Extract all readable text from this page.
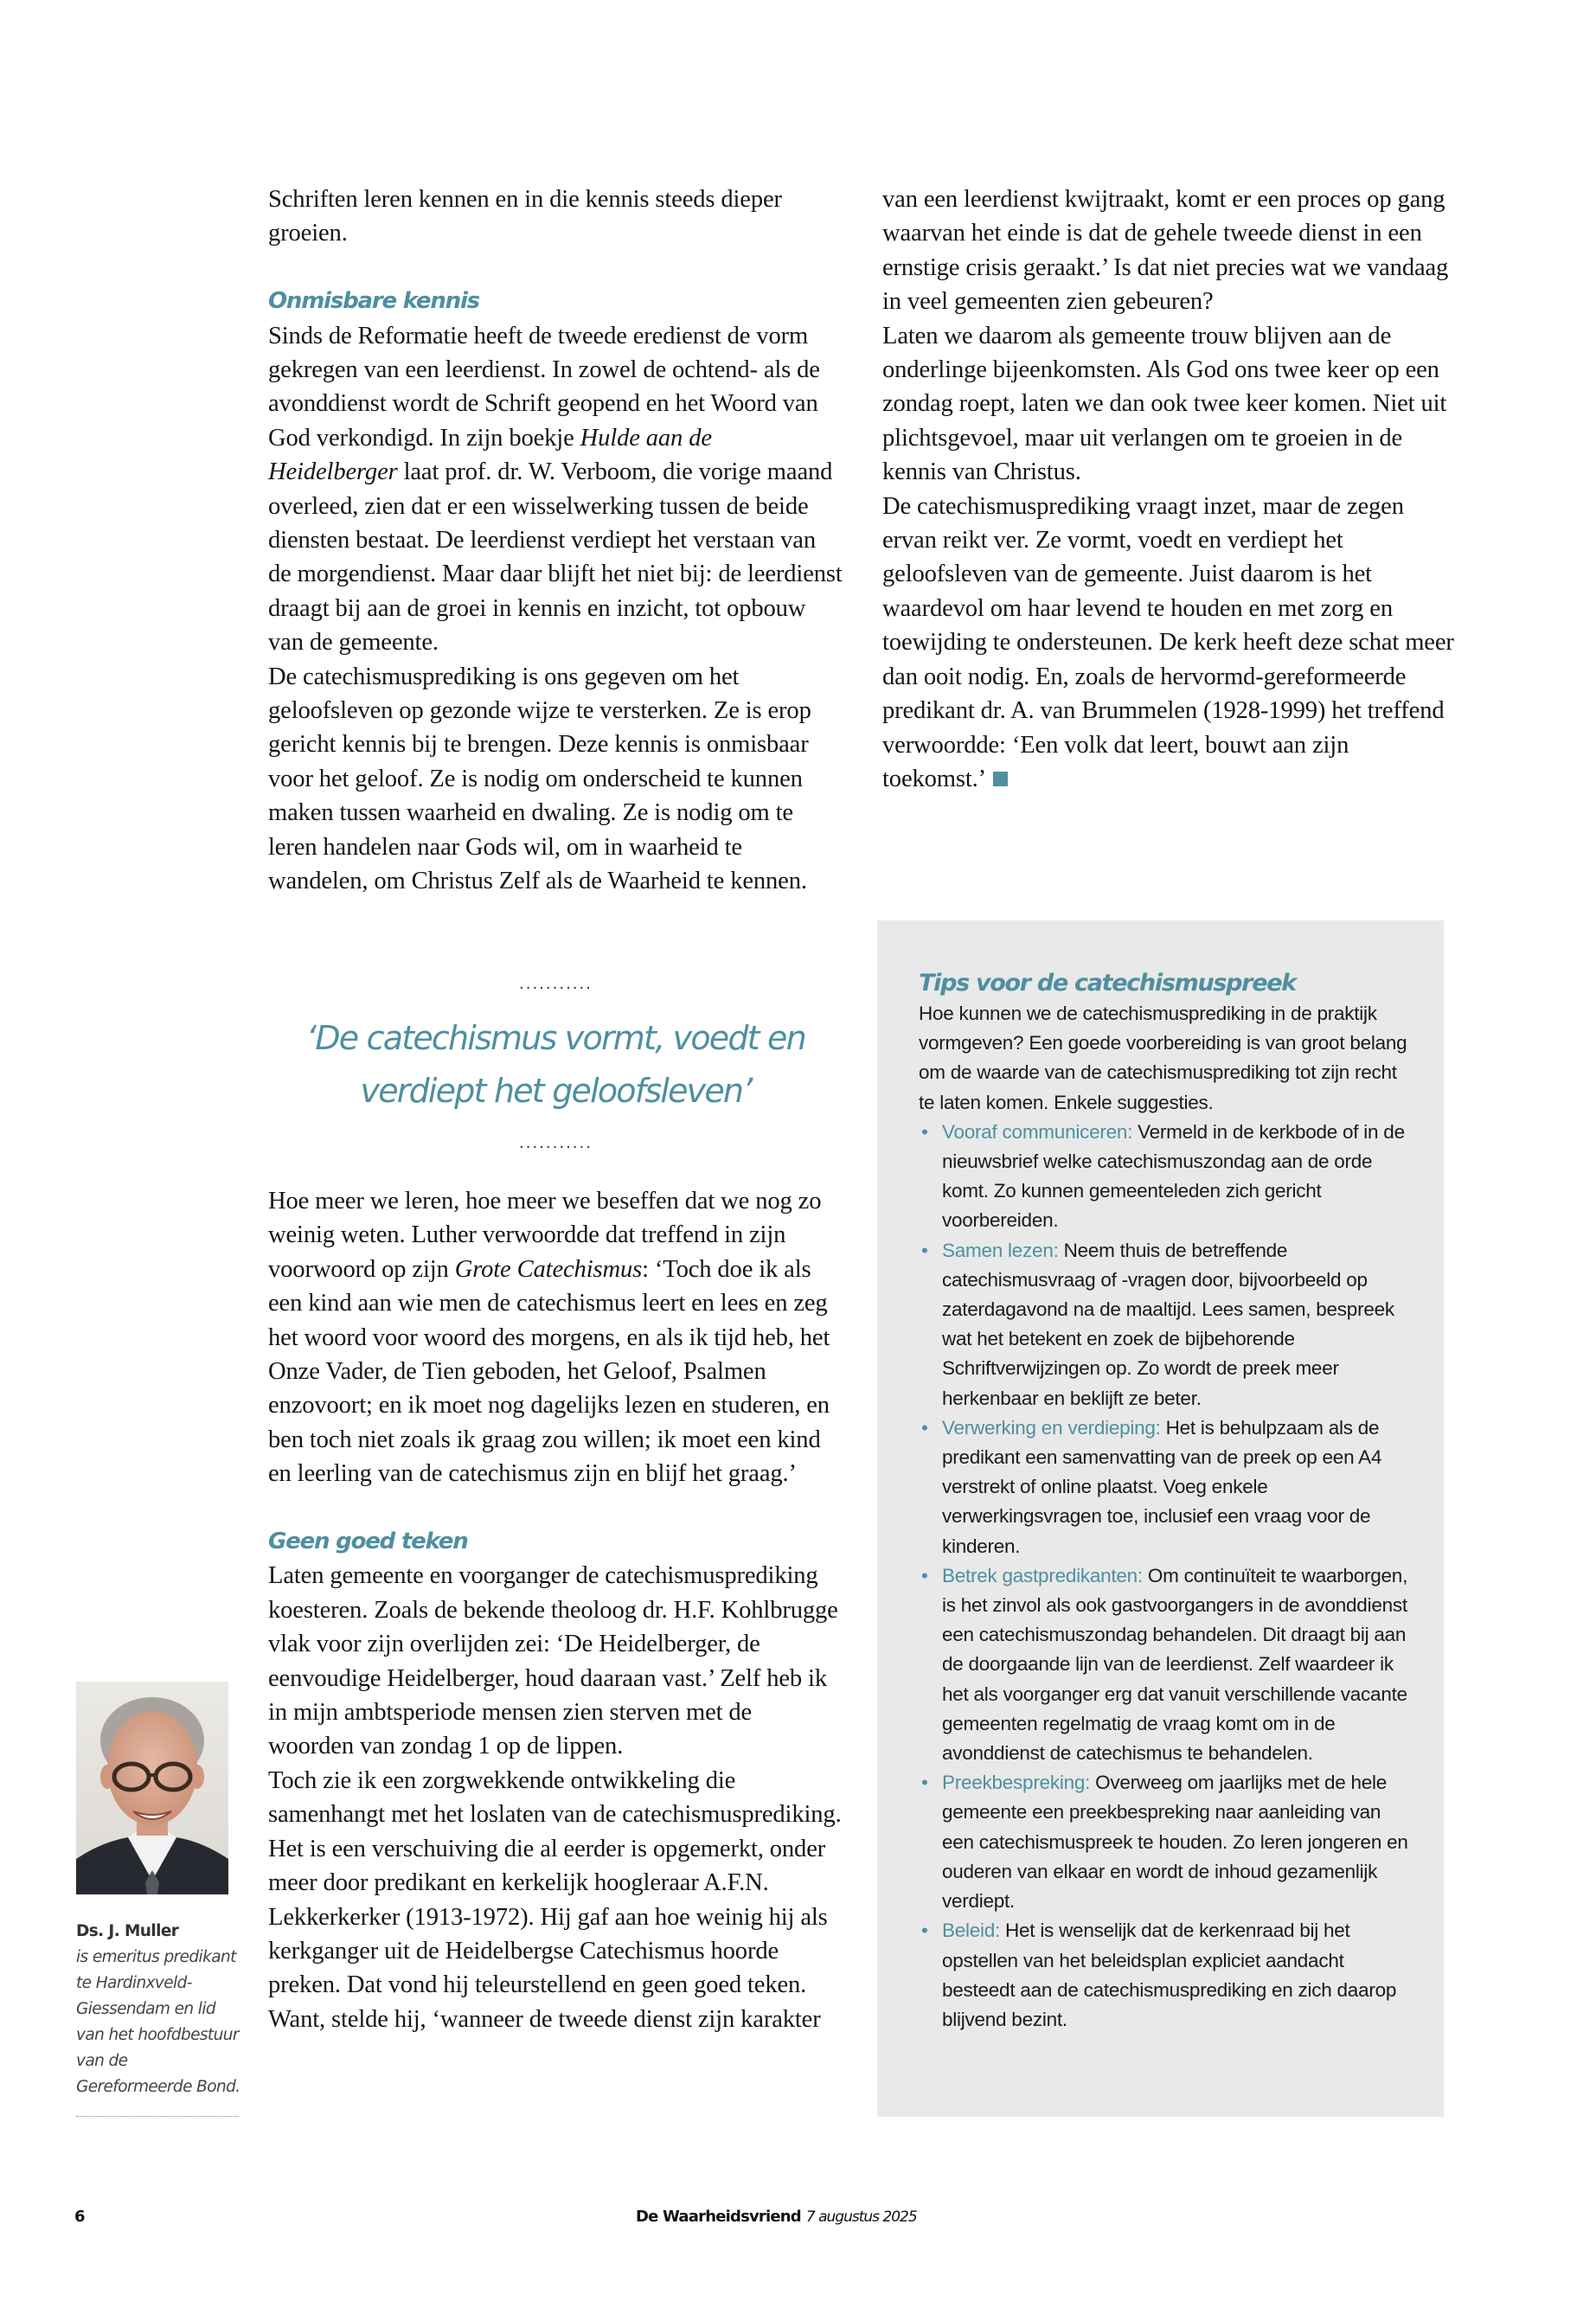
Schriften leren kennen en in die kennis steeds dieper groeien.
Onmisbare kennis
Sinds de Reformatie heeft de tweede eredienst de vorm gekregen van een leerdienst. In zowel de ochtend- als de avonddienst wordt de Schrift geopend en het Woord van God verkondigd. In zijn boekje Hulde aan de Heidelberger laat prof. dr. W. Verboom, die vorige maand overleed, zien dat er een wisselwerking tussen de beide diensten bestaat. De leerdienst verdiept het verstaan van de morgendienst. Maar daar blijft het niet bij: de leerdienst draagt bij aan de groei in kennis en inzicht, tot opbouw van de gemeente.
De catechismusprediking is ons gegeven om het geloofsleven op gezonde wijze te versterken. Ze is erop gericht kennis bij te brengen. Deze kennis is onmisbaar voor het geloof. Ze is nodig om onderscheid te kunnen maken tussen waarheid en dwaling. Ze is nodig om te leren handelen naar Gods wil, om in waarheid te wandelen, om Christus Zelf als de Waarheid te kennen.
...........
‘De catechismus vormt, voedt en verdiept het geloofsleven’
...........
Hoe meer we leren, hoe meer we beseffen dat we nog zo weinig weten. Luther verwoordde dat treffend in zijn voorwoord op zijn Grote Catechismus: ‘Toch doe ik als een kind aan wie men de catechismus leert en lees en zeg het woord voor woord des morgens, en als ik tijd heb, het Onze Vader, de Tien geboden, het Geloof, Psalmen enzovoort; en ik moet nog dagelijks lezen en studeren, en ben toch niet zoals ik graag zou willen; ik moet een kind en leerling van de catechismus zijn en blijf het graag.’
Geen goed teken
Laten gemeente en voorganger de catechismusprediking koesteren. Zoals de bekende theoloog dr. H.F. Kohlbrugge vlak voor zijn overlijden zei: ‘De Heidelberger, de eenvoudige Heidelberger, houd daaraan vast.’ Zelf heb ik in mijn ambtsperiode mensen zien sterven met de woorden van zondag 1 op de lippen.
Toch zie ik een zorgwekkende ontwikkeling die samenhangt met het loslaten van de catechismusprediking. Het is een verschuiving die al eerder is opgemerkt, onder meer door predikant en kerkelijk hoogleraar A.F.N. Lekkerkerker (1913-1972). Hij gaf aan hoe weinig hij als kerkganger uit de Heidelbergse Catechismus hoorde preken. Dat vond hij teleurstellend en geen goed teken. Want, stelde hij, ‘wanneer de tweede dienst zijn karakter
van een leerdienst kwijtraakt, komt er een proces op gang waarvan het einde is dat de gehele tweede dienst in een ernstige crisis geraakt.’ Is dat niet precies wat we vandaag in veel gemeenten zien gebeuren?
Laten we daarom als gemeente trouw blijven aan de onderlinge bijeenkomsten. Als God ons twee keer op een zondag roept, laten we dan ook twee keer komen. Niet uit plichtsgevoel, maar uit verlangen om te groeien in de kennis van Christus.
De catechismusprediking vraagt inzet, maar de zegen ervan reikt ver. Ze vormt, voedt en verdiept het geloofsleven van de gemeente. Juist daarom is het waardevol om haar levend te houden en met zorg en toewijding te ondersteunen. De kerk heeft deze schat meer dan ooit nodig. En, zoals de hervormd-gereformeerde predikant dr. A. van Brummelen (1928-1999) het treffend verwoordde: ‘Een volk dat leert, bouwt aan zijn toekomst.’
Tips voor de catechismuspreek
Hoe kunnen we de catechismusprediking in de praktijk vormgeven? Een goede voorbereiding is van groot belang om de waarde van de catechismusprediking tot zijn recht te laten komen. Enkele suggesties.
• Vooraf communiceren: Vermeld in de kerkbode of in de nieuwsbrief welke catechismuszondag aan de orde komt. Zo kunnen gemeenteleden zich gericht voorbereiden.
• Samen lezen: Neem thuis de betreffende catechismusvraag of -vragen door, bijvoorbeeld op zaterdagavond na de maaltijd. Lees samen, bespreek wat het betekent en zoek de bijbehorende Schriftverwijzingen op. Zo wordt de preek meer herkenbaar en beklijft ze beter.
• Verwerking en verdieping: Het is behulpzaam als de predikant een samenvatting van de preek op een A4 verstrekt of online plaatst. Voeg enkele verwerkingsvragen toe, inclusief een vraag voor de kinderen.
• Betrek gastpredikanten: Om continuïteit te waarborgen, is het zinvol als ook gastvoorgangers in de avonddienst een catechismuszondag behandelen. Dit draagt bij aan de doorgaande lijn van de leerdienst. Zelf waardeer ik het als voorganger erg dat vanuit verschillende vacante gemeenten regelmatig de vraag komt om in de avonddienst de catechismus te behandelen.
• Preekbespreking: Overweeg om jaarlijks met de hele gemeente een preekbespreking naar aanleiding van een catechismuspreek te houden. Zo leren jongeren en ouderen van elkaar en wordt de inhoud gezamenlijk verdiept.
• Beleid: Het is wenselijk dat de kerkenraad bij het opstellen van het beleidsplan expliciet aandacht besteedt aan de catechismusprediking en zich daarop blijvend bezint.
Ds. J. Muller
is emeritus predikant te Hardinxveld-Giessendam en lid van het hoofdbestuur van de Gereformeerde Bond.
6	De Waarheidsvriend 7 augustus 2025
